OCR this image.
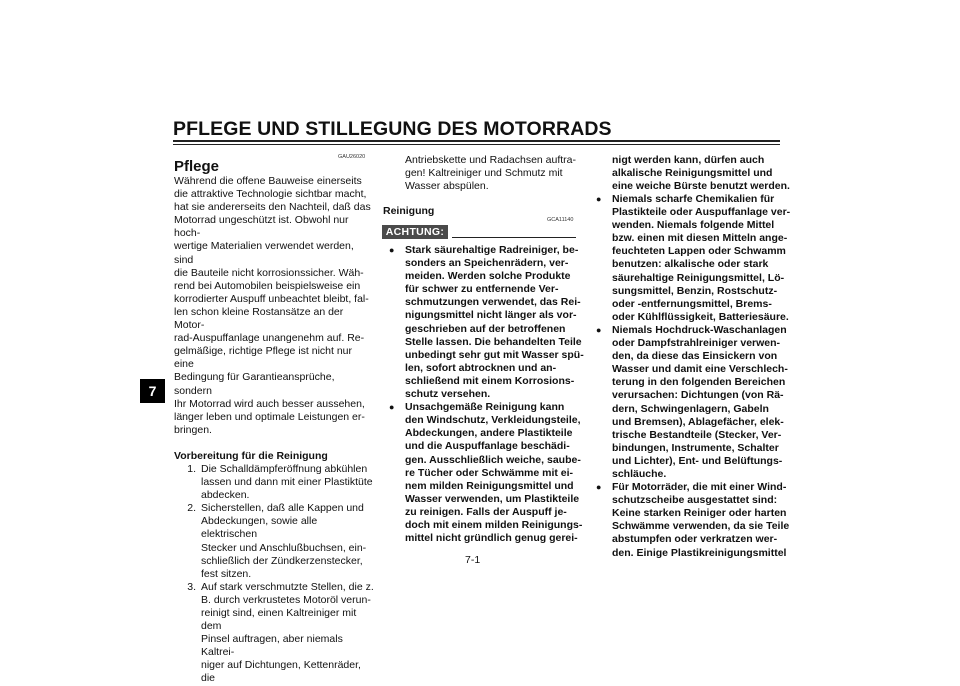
PFLEGE UND STILLEGUNG DES MOTORRADS
7
GAU26020
Pflege
Während die offene Bauweise einerseits
die attraktive Technologie sichtbar macht,
hat sie andererseits den Nachteil, daß das
Motorrad ungeschützt ist. Obwohl nur hoch-
wertige Materialien verwendet werden, sind
die Bauteile nicht korrosionssicher. Wäh-
rend bei Automobilen beispielsweise ein
korrodierter Auspuff unbeachtet bleibt, fal-
len schon kleine Rostansätze an der Motor-
rad-Auspuffanlage unangenehm auf. Re-
gelmäßige, richtige Pflege ist nicht nur eine
Bedingung für Garantieansprüche, sondern
Ihr Motorrad wird auch besser aussehen,
länger leben und optimale Leistungen er-
bringen.
Vorbereitung für die Reinigung
1. Die Schalldämpferöffnung abkühlen
lassen und dann mit einer Plastiktüte
abdecken.
2. Sicherstellen, daß alle Kappen und
Abdeckungen, sowie alle elektrischen
Stecker und Anschlußbuchsen, ein-
schließlich der Zündkerzenstecker,
fest sitzen.
3. Auf stark verschmutzte Stellen, die z.
B. durch verkrustetes Motoröl verun-
reinigt sind, einen Kaltreiniger mit dem
Pinsel auftragen, aber niemals Kaltrei-
niger auf Dichtungen, Kettenräder, die
Antriebskette und Radachsen auftra-
gen! Kaltreiniger und Schmutz mit
Wasser abspülen.
Reinigung
GCA11140
ACHTUNG:
●	Stark säurehaltige Radreiniger, be-
sonders an Speichenrädern, ver-
meiden. Werden solche Produkte
für schwer zu entfernende Ver-
schmutzungen verwendet, das Rei-
nigungsmittel nicht länger als vor-
geschrieben auf der betroffenen
Stelle lassen. Die behandelten Teile
unbedingt sehr gut mit Wasser spü-
len, sofort abtrocknen und an-
schließend mit einem Korrosions-
schutz versehen.
●	Unsachgemäße Reinigung kann
den Windschutz, Verkleidungsteile,
Abdeckungen, andere Plastikteile
und die Auspuffanlage beschädi-
gen. Ausschließlich weiche, saube-
re Tücher oder Schwämme mit ei-
nem milden Reinigungsmittel und
Wasser verwenden, um Plastikteile
zu reinigen. Falls der Auspuff je-
doch mit einem milden Reinigungs-
mittel nicht gründlich genug gerei-
nigt werden kann, dürfen auch
alkalische Reinigungsmittel und
eine weiche Bürste benutzt werden.
●	Niemals scharfe Chemikalien für
Plastikteile oder Auspuffanlage ver-
wenden. Niemals folgende Mittel
bzw. einen mit diesen Mitteln ange-
feuchteten Lappen oder Schwamm
benutzen: alkalische oder stark
säurehaltige Reinigungsmittel, Lö-
sungsmittel, Benzin, Rostschutz-
oder -entfernungsmittel, Brems-
oder Kühlflüssigkeit, Batteriesäure.
●	Niemals Hochdruck-Waschanlagen
oder Dampfstrahlreiniger verwen-
den, da diese das Einsickern von
Wasser und damit eine Verschlech-
terung in den folgenden Bereichen
verursachen: Dichtungen (von Rä-
dern, Schwingenlagern, Gabeln
und Bremsen), Ablagefächer, elek-
trische Bestandteile (Stecker, Ver-
bindungen, Instrumente, Schalter
und Lichter), Ent- und Belüftungs-
schläuche.
●	Für Motorräder, die mit einer Wind-
schutzscheibe ausgestattet sind:
Keine starken Reiniger oder harten
Schwämme verwenden, da sie Teile
abstumpfen oder verkratzen wer-
den. Einige Plastikreinigungsmittel
7-1
